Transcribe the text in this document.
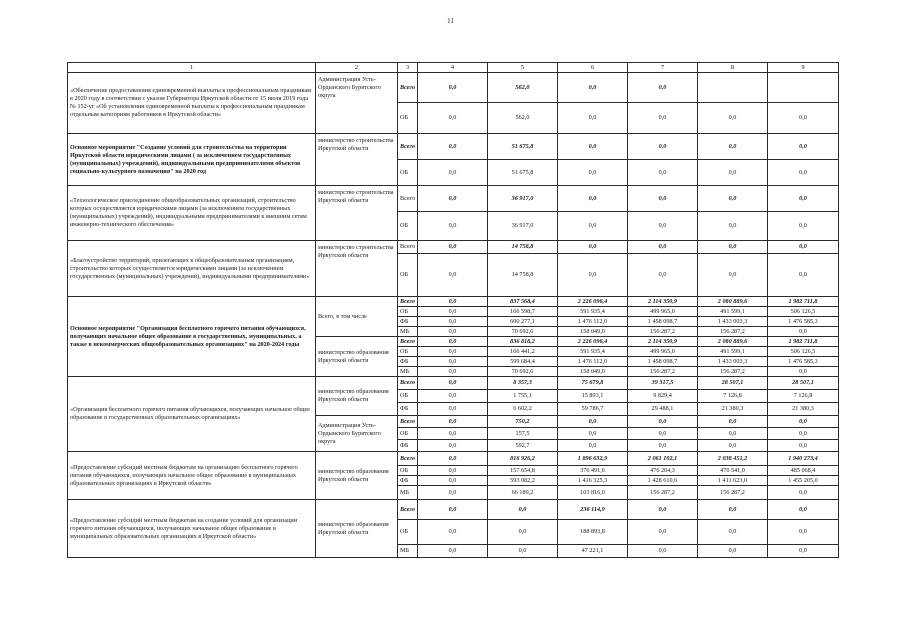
11
1	2	3	4	5	6	7	8	9
«Обеспечение предоставления единовременной выплаты к профессиональным праздникам в 2020 году в соответствии с указом Губернатора Иркутской области от 15 июля 2019 года № 152-уг «Об установлении единовременной выплаты к профессиональным праздникам отдельным категориям работников в Иркутской области»	Администрация Усть-Ордынского Бурятского округа	Всего	0,0	562,0	0,0	0,0		
		ОБ	0,0	562,0	0,0	0,0	0,0	0,0
Основное мероприятие "Создание условий для строительства на территории Иркутской области юридическими лицами ( за исключением государственных (муниципальных) учреждений), индивидуальными предпринимателями объектов социально-культурного назначения" на 2020 год	министерство строительства Иркутской области	Всего	0,0	51 675,8	0,0	0,0	0,0	0,0
		ОБ	0,0	51 675,8	0,0	0,0	0,0	0,0
«Технологическое присоединение общеобразовательных организаций, строительство которых осуществляется юридическими лицами (за исключением государственных (муниципальных) учреждений), индивидуальными предпринимателями к внешним сетям инженерно-технического обеспечения»	министерство строительства Иркутской области	Всего	0,0	36 917,0	0,0	0,0	0,0	0,0
		ОБ	0,0	36 917,0	0,0	0,0	0,0	0,0
«Благоустройство территорий, прилегающих к общеобразовательным организациям, строительство которых осуществляется юридическими лицами (за исключением государственных (муниципальных) учреждений), индивидуальными предпринимателями»	министерство строительства Иркутской области	Всего	0,0	14 758,8	0,0	0,0	0,0	0,0
		ОБ	0,0	14 758,8	0,0	0,0	0,0	0,0
Основное мероприятие "Организация бесплатного горячего питания обучающихся, получающих начальное общее образование в государственных, муниципальных, а также в некоммерческих общеобразовательных организациях" на 2020-2024 годы	Всего, в том числе	Всего	0,0	837 568,4	2 226 096,4	2 114 350,9	2 080 889,6	1 982 711,8
		ОБ	0,0	166 598,7	591 935,4	499 965,0	491 599,1	506 126,5
		ФБ	0,0	600 277,1	1 476 112,0	1 458 098,7	1 433 003,3	1 476 585,3
		МБ	0,0	70 692,6	158 049,0	156 287,2	156 287,2	0,0
	министерство образования Иркутской области	Всего	0,0	836 818,2	2 226 096,4	2 114 350,9	2 080 889,6	1 982 711,8
		ОБ	0,0	166 441,2	591 935,4	499 965,0	491 599,1	506 126,5
		ФБ	0,0	599 684,4	1 476 112,0	1 458 098,7	1 433 003,3	1 476 585,3
		МБ	0,0	70 692,6	158 049,0	156 287,2	156 287,2	0,0
«Организация бесплатного горячего питания обучающихся, получающих начальное общее образование в государственных образовательных организациях»	министерство образования Иркутской области	Всего	0,0	8 357,3	75 679,8	39 317,5	28 507,1	28 507,1
		ОБ	0,0	1 755,1	15 893,1	9 829,4	7 126,8	7 126,8
		ФБ	0,0	6 602,2	59 786,7	29 488,1	21 380,3	21 380,3
	Администрация Усть-Ордынского Бурятского округа	Всего	0,0	750,2	0,0	0,0	0,0	0,0
		ОБ	0,0	157,5	0,0	0,0	0,0	0,0
		ФБ	0,0	592,7	0,0	0,0	0,0	0,0
«Предоставление субсидий местным бюджетам на организацию бесплатного горячего питания обучающихся, получающих начальное общее образование в муниципальных образовательных организациях в Иркутской области»	министерство образования Иркутской области	Всего	0,0	816 926,2	1 896 632,9	2 061 102,1	2 038 451,2	1 940 273,4
		ОБ	0,0	157 654,8	376 491,6	476 204,3	470 541,0	485 068,4
		ФБ	0,0	593 082,2	1 416 325,3	1 428 610,6	1 411 623,0	1 455 205,0
		МБ	0,0	66 189,2	103 816,0	156 287,2	156 287,2	0,0
«Предоставление субсидий местным бюджетам на создание условий для организации горячего питания обучающихся, получающих начальное общее образование в муниципальных образовательных организациях в Иркутской области»	министерство образования Иркутской области	Всего	0,0	0,0	236 114,9	0,0	0,0	0,0
		ОБ	0,0	0,0	188 893,8	0,0	0,0	0,0
		МБ	0,0	0,0	47 221,1	0,0	0,0	0,0
